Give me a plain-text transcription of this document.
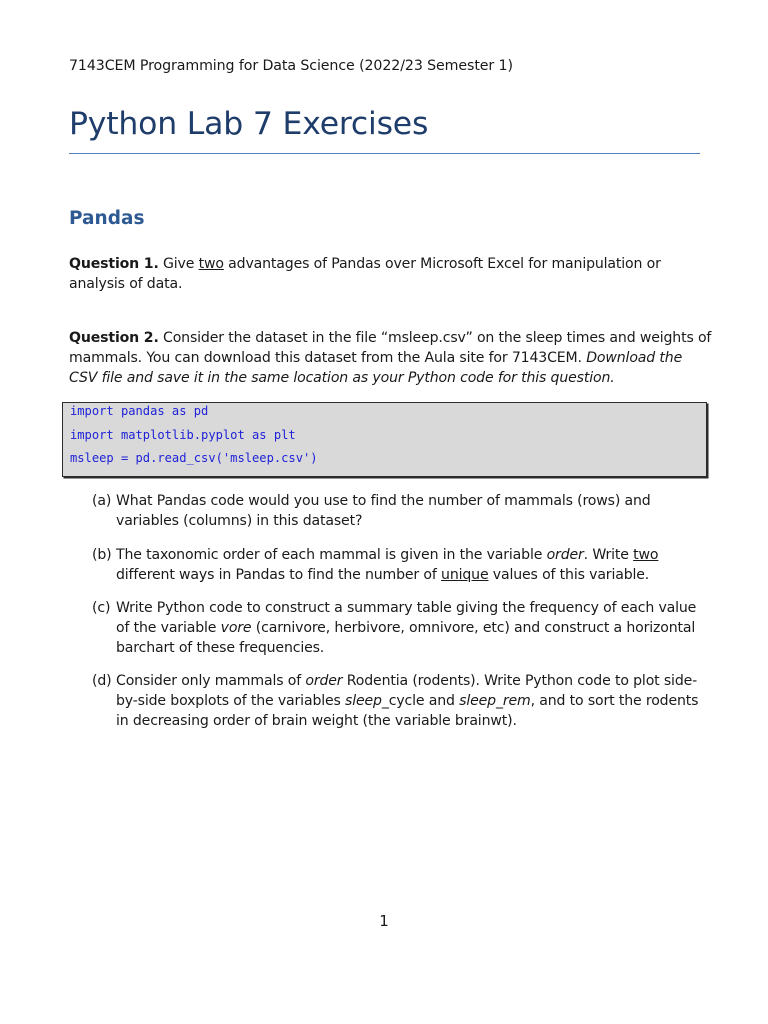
7143CEM Programming for Data Science (2022/23 Semester 1)
Python Lab 7 Exercises
Pandas
Question 1. Give two advantages of Pandas over Microsoft Excel for manipulation or analysis of data.
Question 2. Consider the dataset in the file “msleep.csv” on the sleep times and weights of mammals. You can download this dataset from the Aula site for 7143CEM. Download the CSV file and save it in the same location as your Python code for this question.
import pandas as pd
import matplotlib.pyplot as plt
msleep = pd.read_csv('msleep.csv')
(a) What Pandas code would you use to find the number of mammals (rows) and variables (columns) in this dataset?
(b) The taxonomic order of each mammal is given in the variable order. Write two different ways in Pandas to find the number of unique values of this variable.
(c) Write Python code to construct a summary table giving the frequency of each value of the variable vore (carnivore, herbivore, omnivore, etc) and construct a horizontal barchart of these frequencies.
(d) Consider only mammals of order Rodentia (rodents). Write Python code to plot side-by-side boxplots of the variables sleep_cycle and sleep_rem, and to sort the rodents in decreasing order of brain weight (the variable brainwt).
1
